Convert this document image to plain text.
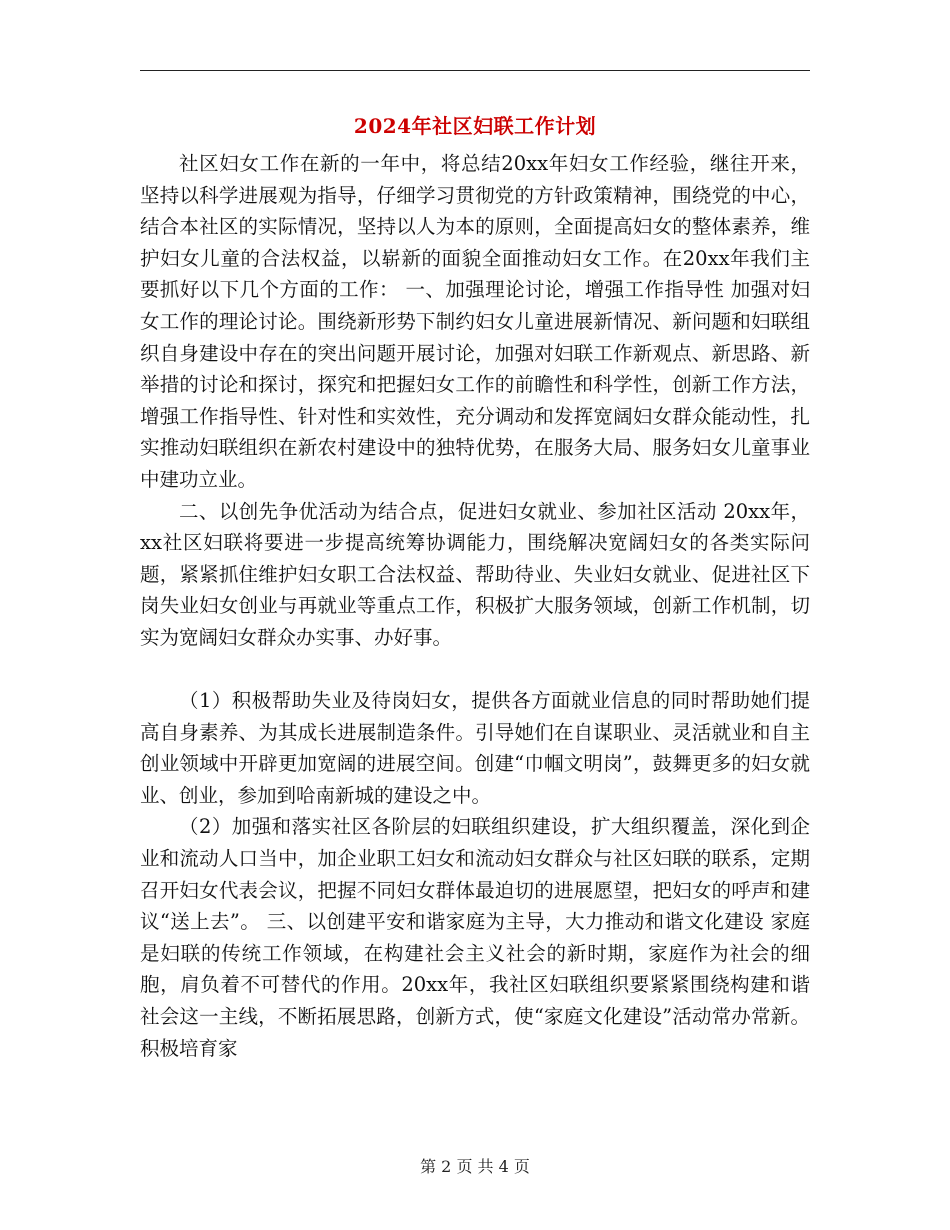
2024年社区妇联工作计划

社区妇女工作在新的一年中，将总结20xx年妇女工作经验，继往开来，坚持以科学进展观为指导，仔细学习贯彻党的方针政策精神，围绕党的中心，结合本社区的实际情况，坚持以人为本的原则，全面提高妇女的整体素养，维护妇女儿童的合法权益，以崭新的面貌全面推动妇女工作。在20xx年我们主要抓好以下几个方面的工作： 一、加强理论讨论，增强工作指导性 加强对妇女工作的理论讨论。围绕新形势下制约妇女儿童进展新情况、新问题和妇联组织自身建设中存在的突出问题开展讨论，加强对妇联工作新观点、新思路、新举措的讨论和探讨，探究和把握妇女工作的前瞻性和科学性，创新工作方法，增强工作指导性、针对性和实效性，充分调动和发挥宽阔妇女群众能动性，扎实推动妇联组织在新农村建设中的独特优势，在服务大局、服务妇女儿童事业中建功立业。

二、以创先争优活动为结合点，促进妇女就业、参加社区活动 20xx年，xx社区妇联将要进一步提高统筹协调能力，围绕解决宽阔妇女的各类实际问题，紧紧抓住维护妇女职工合法权益、帮助待业、失业妇女就业、促进社区下岗失业妇女创业与再就业等重点工作，积极扩大服务领域，创新工作机制，切实为宽阔妇女群众办实事、办好事。

（1）积极帮助失业及待岗妇女，提供各方面就业信息的同时帮助她们提高自身素养、为其成长进展制造条件。引导她们在自谋职业、灵活就业和自主创业领域中开辟更加宽阔的进展空间。创建“巾帼文明岗”，鼓舞更多的妇女就业、创业，参加到哈南新城的建设之中。

（2）加强和落实社区各阶层的妇联组织建设，扩大组织覆盖，深化到企业和流动人口当中，加企业职工妇女和流动妇女群众与社区妇联的联系，定期召开妇女代表会议，把握不同妇女群体最迫切的进展愿望，把妇女的呼声和建议“送上去”。 三、以创建平安和谐家庭为主导，大力推动和谐文化建设 家庭是妇联的传统工作领域，在构建社会主义社会的新时期，家庭作为社会的细胞，肩负着不可替代的作用。20xx年，我社区妇联组织要紧紧围绕构建和谐社会这一主线，不断拓展思路，创新方式，使“家庭文化建设”活动常办常新。积极培育家

第 2 页 共 4 页
